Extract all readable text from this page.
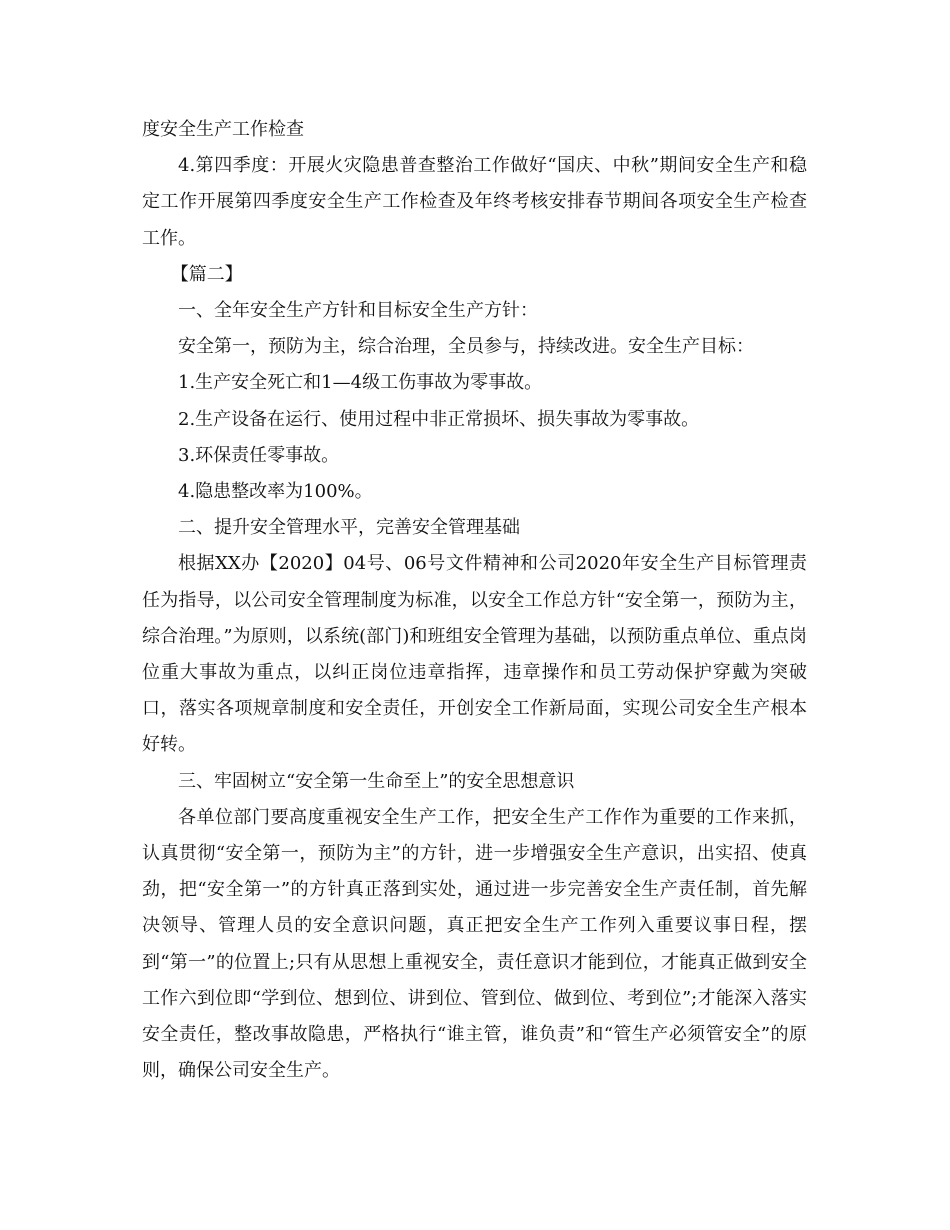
度安全生产工作检查

4.第四季度：开展火灾隐患普查整治工作做好“国庆、中秋”期间安全生产和稳定工作开展第四季度安全生产工作检查及年终考核安排春节期间各项安全生产检查工作。

【篇二】

一、全年安全生产方针和目标安全生产方针：

安全第一，预防为主，综合治理，全员参与，持续改进。安全生产目标：

1.生产安全死亡和1—4级工伤事故为零事故。

2.生产设备在运行、使用过程中非正常损坏、损失事故为零事故。

3.环保责任零事故。

4.隐患整改率为100%。

二、提升安全管理水平，完善安全管理基础

根据XX办【2020】04号、06号文件精神和公司2020年安全生产目标管理责任为指导，以公司安全管理制度为标准，以安全工作总方针“安全第一，预防为主，综合治理。”为原则，以系统(部门)和班组安全管理为基础，以预防重点单位、重点岗位重大事故为重点，以纠正岗位违章指挥，违章操作和员工劳动保护穿戴为突破口，落实各项规章制度和安全责任，开创安全工作新局面，实现公司安全生产根本好转。

三、牢固树立“安全第一生命至上”的安全思想意识

各单位部门要高度重视安全生产工作，把安全生产工作作为重要的工作来抓，认真贯彻“安全第一，预防为主”的方针，进一步增强安全生产意识，出实招、使真劲，把“安全第一”的方针真正落到实处，通过进一步完善安全生产责任制，首先解决领导、管理人员的安全意识问题，真正把安全生产工作列入重要议事日程，摆到“第一”的位置上;只有从思想上重视安全，责任意识才能到位，才能真正做到安全工作六到位即“学到位、想到位、讲到位、管到位、做到位、考到位”;才能深入落实安全责任，整改事故隐患，严格执行“谁主管，谁负责”和“管生产必须管安全”的原则，确保公司安全生产。
